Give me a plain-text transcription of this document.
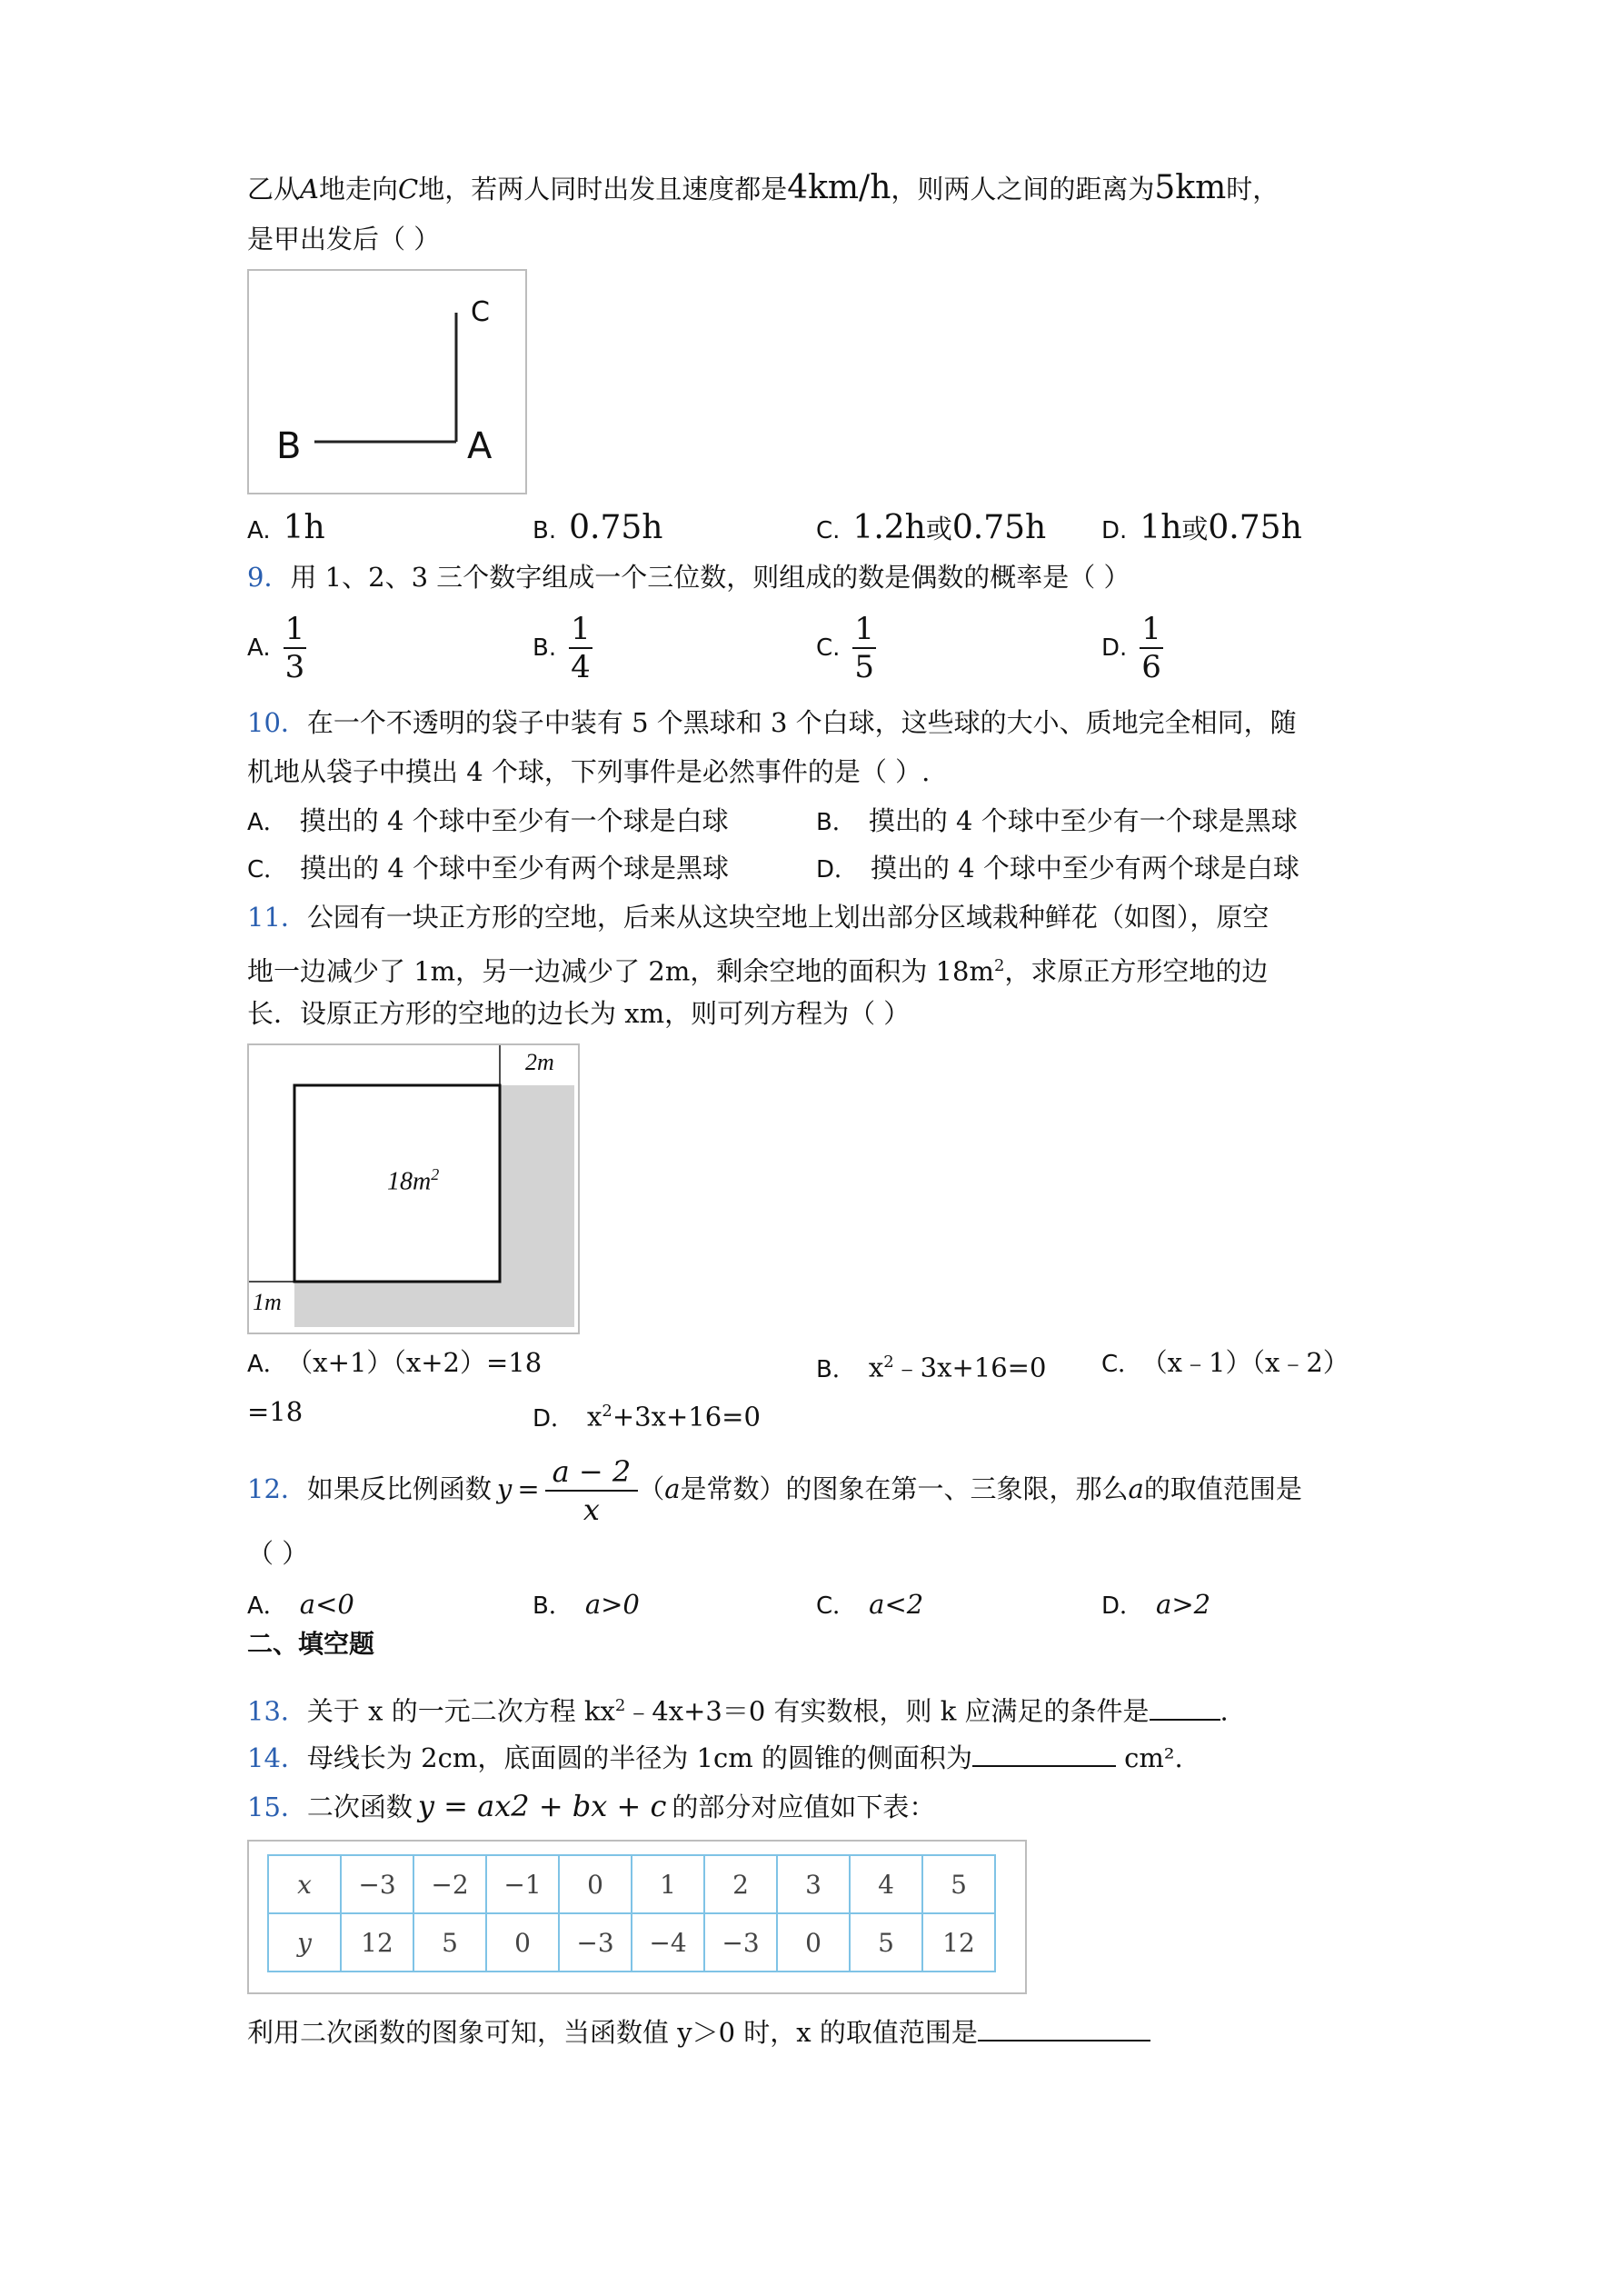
乙从A地走向C地，若两人同时出发且速度都是4km/h，则两人之间的距离为5km时，
是甲出发后（ ）
C
B	A
A. 1h	B. 0.75h	C. 1.2h或0.75h D. 1h或0.75h
9．用 1、2、3 三个数字组成一个三位数，则组成的数是偶数的概率是（ ）
A. $\frac{1}{3}$	B. $\frac{1}{4}$	C. $\frac{1}{5}$	D. $\frac{1}{6}$
10．在一个不透明的袋子中装有 5 个黑球和 3 个白球，这些球的大小、质地完全相同，随
机地从袋子中摸出 4 个球，下列事件是必然事件的是（ ）.
A． 摸出的 4 个球中至少有一个球是白球	B． 摸出的 4 个球中至少有一个球是黑球
C． 摸出的 4 个球中至少有两个球是黑球	D． 摸出的 4 个球中至少有两个球是白球
11．公园有一块正方形的空地，后来从这块空地上划出部分区域栽种鲜花（如图），原空
地一边减少了 1m，另一边减少了 2m，剩余空地的面积为 $18m^2$，求原正方形空地的边
长．设原正方形的空地的边长为 xm，则可列方程为（ ）
$18m^2$
2m
1m
A． （x+1）（x+2）=18	B． $x^2﹣3x+16=0$ C． （x﹣1）（x﹣2）
=18	D． $x^2+3x+16=0$
12．如果反比例函数 $y = \frac{a - 2}{x} (a$是常数）的图象在第一、三象限，那么a的取值范围是
（ ）
A． a<0	B． a>0	C． a<2	D． a>2
二、填空题
13．关于 x 的一元二次方程 $kx^2﹣4x+3=0$ 有实数根，则 k 应满足的条件是	.
14．母线长为 2cm，底面圆的半径为 1cm 的圆锥的侧面积为	cm².
15．二次函数 y = ax2 + bx + c 的部分对应值如下表：
x	−3	−2	−1	0	1	2	3	4	5
y	12	5	0	−3	−4	−3	0	5	12
利用二次函数的图象可知，当函数值 y＞0 时，x 的取值范围是
